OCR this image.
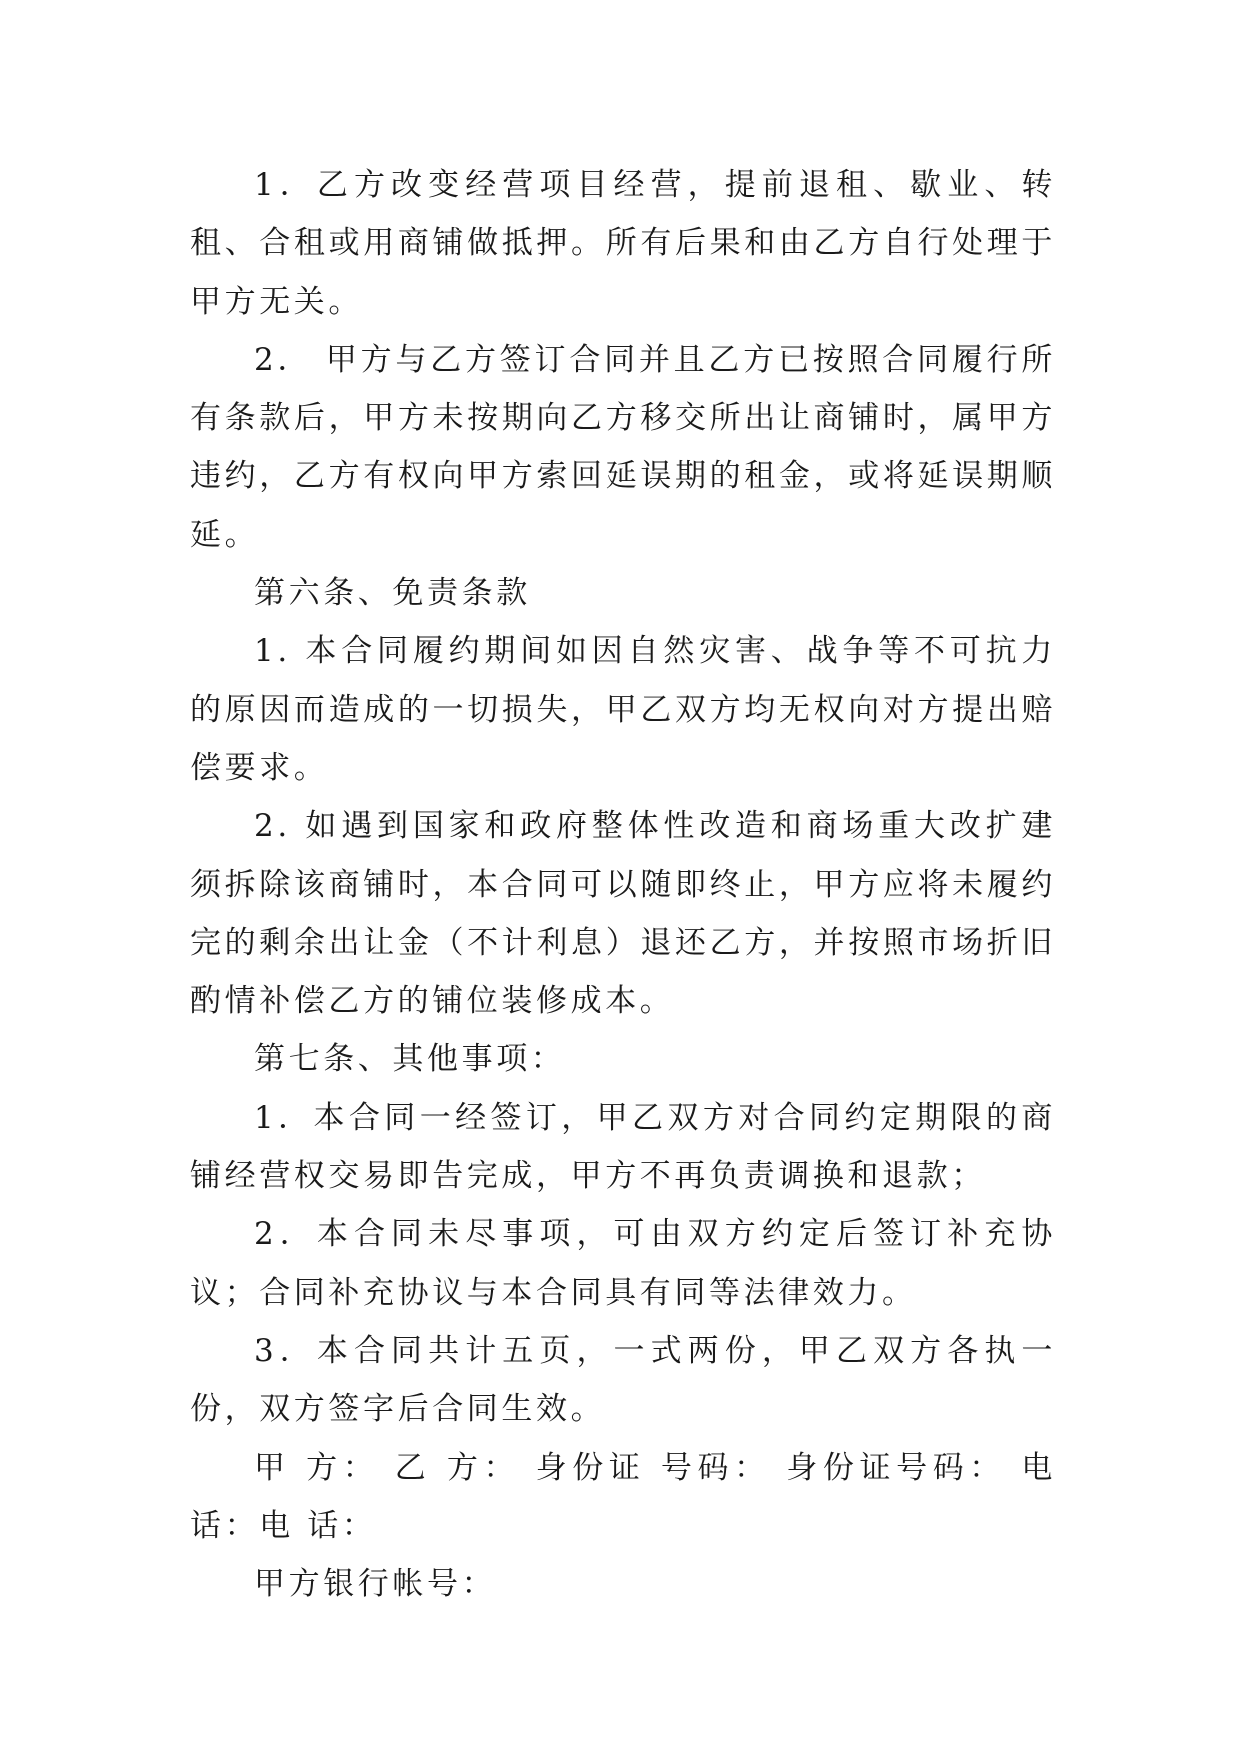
1．乙方改变经营项目经营，提前退租、歇业、转租、合租或用商铺做抵押。所有后果和由乙方自行处理于甲方无关。

2． 甲方与乙方签订合同并且乙方已按照合同履行所有条款后，甲方未按期向乙方移交所出让商铺时，属甲方违约，乙方有权向甲方索回延误期的租金，或将延误期顺延。

第六条、免责条款

1. 本合同履约期间如因自然灾害、战争等不可抗力的原因而造成的一切损失，甲乙双方均无权向对方提出赔偿要求。

2. 如遇到国家和政府整体性改造和商场重大改扩建须拆除该商铺时，本合同可以随即终止，甲方应将未履约完的剩余出让金（不计利息）退还乙方，并按照市场折旧酌情补偿乙方的铺位装修成本。

第七条、其他事项：

1．本合同一经签订，甲乙双方对合同约定期限的商铺经营权交易即告完成，甲方不再负责调换和退款；

2．本合同未尽事项，可由双方约定后签订补充协议；合同补充协议与本合同具有同等法律效力。

3．本合同共计五页，一式两份，甲乙双方各执一份，双方签字后合同生效。

甲 方： 乙 方： 身份证 号码： 身份证号码： 电 话：电 话：

甲方银行帐号：
